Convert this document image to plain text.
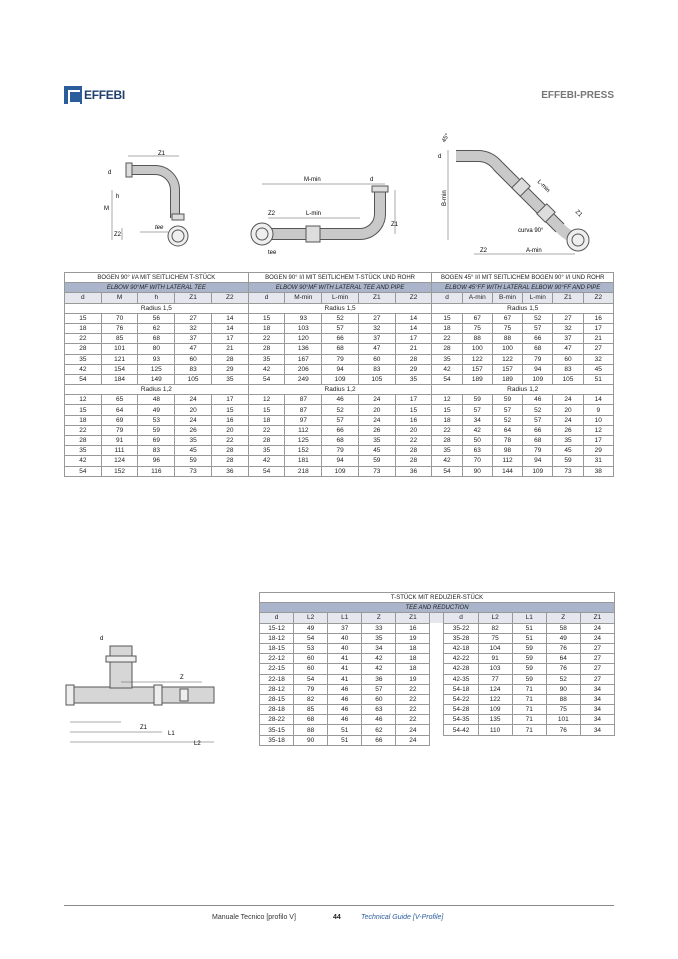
EFFEBI	EFFEBI-PRESS
Z1
d
h
M
Z2
tee
M-min	d
Z2	L-min
Z1
tee
45°
d
B-min
L-min
Z1
curva 90°
Z2	A-min
BOGEN 90° I/A MIT SEITLICHEM T-STÜCK					BOGEN 90° I/I MIT SEITLICHEM T-STÜCK UND ROHR					BOGEN 45° I/I MIT SEITLICHEM BOGEN 90° I/I UND ROHR					
ELBOW 90°MF WITH LATERAL TEE					ELBOW 90°MF WITH LATERAL TEE AND PIPE					ELBOW 45°FF WITH LATERAL ELBOW 90°FF AND PIPE					
d	M	h	Z1	Z2	d	M-min	L-min	Z1	Z2	d	A-min	B-min	L-min	Z1	Z2
Radius 1,5					Radius 1,5					Radius 1,5					
15	70	56	27	14	15	93	52	27	14	15	67	67	52	27	16
18	76	62	32	14	18	103	57	32	14	18	75	75	57	32	17
22	85	68	37	17	22	120	66	37	17	22	88	88	66	37	21
28	101	80	47	21	28	136	68	47	21	28	100	100	68	47	27
35	121	93	60	28	35	167	79	60	28	35	122	122	79	60	32
42	154	125	83	29	42	206	94	83	29	42	157	157	94	83	45
54	184	149	105	35	54	249	109	105	35	54	189	189	109	105	51
Radius 1,2					Radius 1,2					Radius 1,2					
12	65	48	24	17	12	87	46	24	17	12	59	59	46	24	14
15	64	49	20	15	15	87	52	20	15	15	57	57	52	20	9
18	69	53	24	16	18	97	57	24	16	18	34	52	57	24	10
22	79	59	26	20	22	112	66	26	20	22	42	64	66	26	12
28	91	69	35	22	28	125	68	35	22	28	50	78	68	35	17
35	111	83	45	28	35	152	79	45	28	35	63	98	79	45	29
42	124	96	59	28	42	181	94	59	28	42	70	112	94	59	31
54	152	116	73	36	54	218	109	73	36	54	90	144	109	73	38
d
Z
Z1
L1
L2
T-STÜCK MIT REDUZIER-STÜCK										
TEE AND REDUCTION										
d	L2	L1	Z	Z1		d	L2	L1	Z	Z1
15-12	49	37	33	16		35-22	82	51	58	24
18-12	54	40	35	19		35-28	75	51	49	24
18-15	53	40	34	18		42-18	104	59	76	27
22-12	60	41	42	18		42-22	91	59	64	27
22-15	60	41	42	18		42-28	103	59	76	27
22-18	54	41	36	19		42-35	77	59	52	27
28-12	79	46	57	22		54-18	124	71	90	34
28-15	82	46	60	22		54-22	122	71	88	34
28-18	85	46	63	22		54-28	109	71	75	34
28-22	68	46	46	22		54-35	135	71	101	34
35-15	88	51	62	24		54-42	110	71	76	34
35-18	90	51	66	24						
Manuale Tecnico [profilo V]	44	Technical Guide [V-Profile]
